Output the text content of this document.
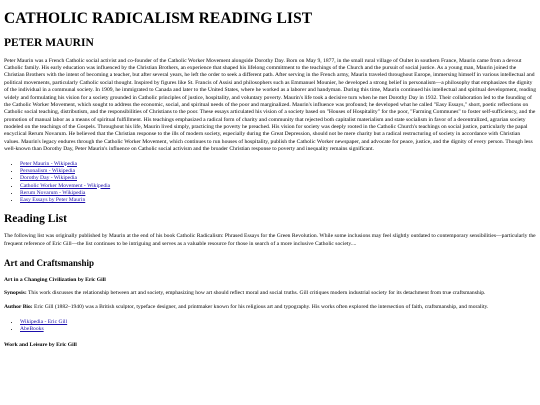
CATHOLIC RADICALISM READING LIST
PETER MAURIN

Peter Maurin was a French Catholic social activist and co-founder of the Catholic Worker Movement alongside Dorothy Day. Born on May 9, 1877, in the small rural village of Oultet in southern France, Maurin came from a devout Catholic family. His early education was influenced by the Christian Brothers, an experience that shaped his lifelong commitment to the teachings of the Church and the pursuit of social justice. As a young man, Maurin joined the Christian Brothers with the intent of becoming a teacher, but after several years, he left the order to seek a different path. After serving in the French army, Maurin traveled throughout Europe, immersing himself in various intellectual and political movements, particularly Catholic social thought. Inspired by figures like St. Francis of Assisi and philosophers such as Emmanuel Mounier, he developed a strong belief in personalism—a philosophy that emphasizes the dignity of the individual in a communal society. In 1909, he immigrated to Canada and later to the United States, where he worked as a laborer and handyman. During this time, Maurin continued his intellectual and spiritual development, reading widely and formulating his vision for a society grounded in Catholic principles of justice, hospitality, and voluntary poverty. Maurin's life took a decisive turn when he met Dorothy Day in 1932. Their collaboration led to the founding of the Catholic Worker Movement, which sought to address the economic, social, and spiritual needs of the poor and marginalized. Maurin's influence was profound; he developed what he called "Easy Essays," short, poetic reflections on Catholic social teaching, distributism, and the responsibilities of Christians to the poor. These essays articulated his vision of a society based on "Houses of Hospitality" for the poor, "Farming Communes" to foster self-sufficiency, and the promotion of manual labor as a means of spiritual fulfillment. His teachings emphasized a radical form of charity and community that rejected both capitalist materialism and state socialism in favor of a decentralized, agrarian society modeled on the teachings of the Gospels. Throughout his life, Maurin lived simply, practicing the poverty he preached. His vision for society was deeply rooted in the Catholic Church's teachings on social justice, particularly the papal encyclical Rerum Novarum. He believed that the Christian response to the ills of modern society, especially during the Great Depression, should not be mere charity but a radical restructuring of society in accordance with Christian values. Maurin's legacy endures through the Catholic Worker Movement, which continues to run houses of hospitality, publish the Catholic Worker newspaper, and advocate for peace, justice, and the dignity of every person. Though less well-known than Dorothy Day, Peter Maurin's influence on Catholic social activism and the broader Christian response to poverty and inequality remains significant.

• Peter Maurin - Wikipedia
• Personalism - Wikipedia
• Dorothy Day - Wikipedia
• Catholic Worker Movement - Wikipedia
• Rerum Novarum - Wikipedia
• Easy Essays by Peter Maurin
Reading List

The following list was originally published by Maurin at the end of his book Catholic Radicalism: Phrased Essays for the Green Revolution. While some inclusions may feel slightly outdated to contemporary sensibilities—particularly the frequent reference of Eric Gill—the list continues to be intriguing and serves as a valuable resource for those in search of a more inclusive Catholic society....

Art and Craftsmanship
Art in a Changing Civilization by Eric Gill

Synopsis: This work discusses the relationship between art and society, emphasizing how art should reflect moral and social truths. Gill critiques modern industrial society for its detachment from true craftsmanship.

Author Bio: Eric Gill (1882–1940) was a British sculptor, typeface designer, and printmaker known for his religious art and typography. His works often explored the intersection of faith, craftsmanship, and morality.

• Wikipedia - Eric Gill
• AbeBooks
Work and Leisure by Eric Gill
